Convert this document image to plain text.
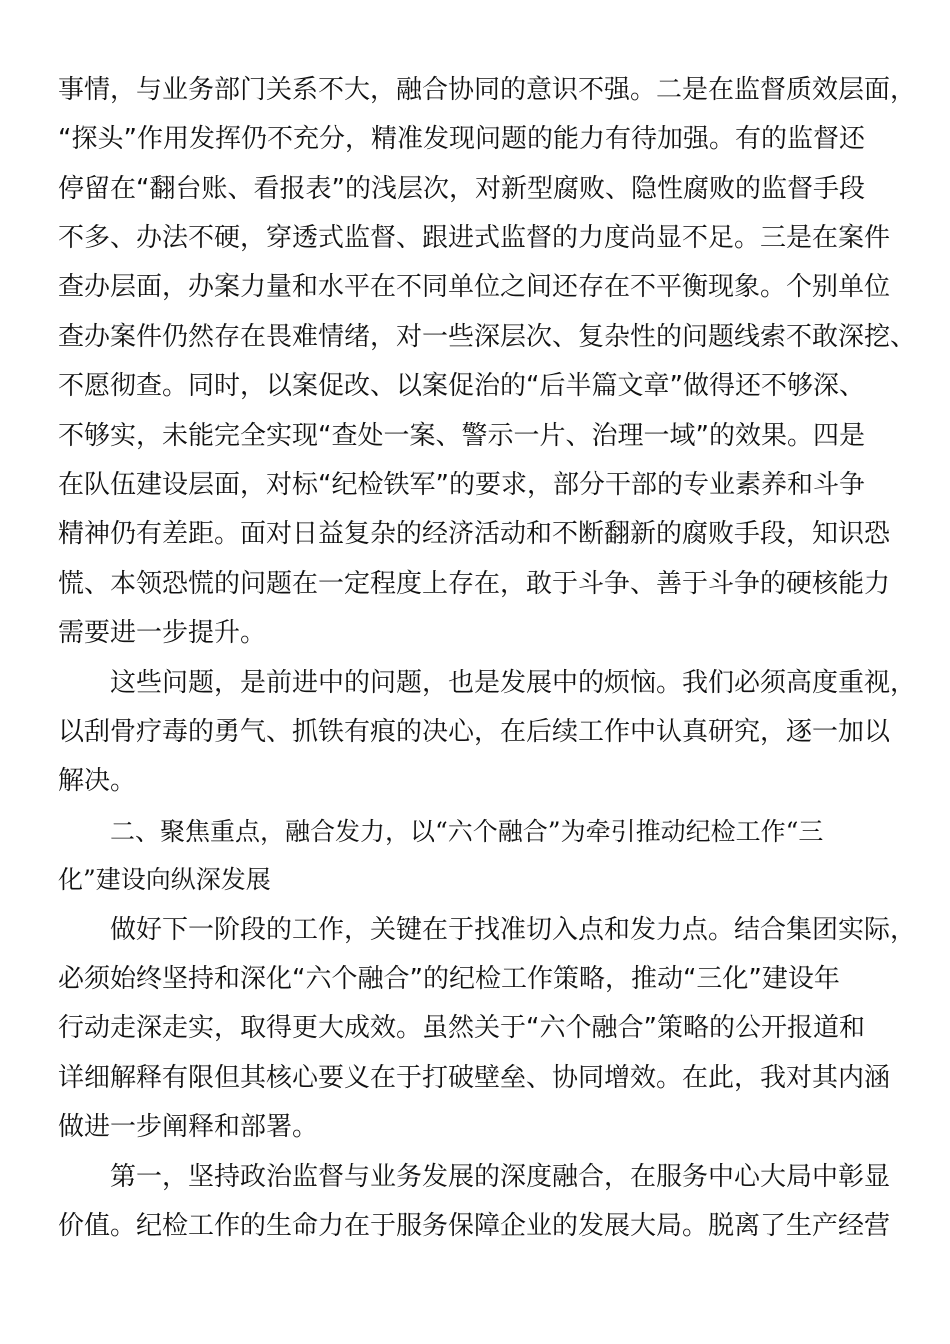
事情，与业务部门关系不大，融合协同的意识不强。二是在监督质效层面，
“探头”作用发挥仍不充分，精准发现问题的能力有待加强。有的监督还
停留在“翻台账、看报表”的浅层次，对新型腐败、隐性腐败的监督手段
不多、办法不硬，穿透式监督、跟进式监督的力度尚显不足。三是在案件
查办层面，办案力量和水平在不同单位之间还存在不平衡现象。个别单位
查办案件仍然存在畏难情绪，对一些深层次、复杂性的问题线索不敢深挖、
不愿彻查。同时，以案促改、以案促治的“后半篇文章”做得还不够深、
不够实，未能完全实现“查处一案、警示一片、治理一域”的效果。四是
在队伍建设层面，对标“纪检铁军”的要求，部分干部的专业素养和斗争
精神仍有差距。面对日益复杂的经济活动和不断翻新的腐败手段，知识恐
慌、本领恐慌的问题在一定程度上存在，敢于斗争、善于斗争的硬核能力
需要进一步提升。
这些问题，是前进中的问题，也是发展中的烦恼。我们必须高度重视，
以刮骨疗毒的勇气、抓铁有痕的决心，在后续工作中认真研究，逐一加以
解决。
二、聚焦重点，融合发力，以“六个融合”为牵引推动纪检工作“三
化”建设向纵深发展
做好下一阶段的工作，关键在于找准切入点和发力点。结合集团实际，
必须始终坚持和深化“六个融合”的纪检工作策略，推动“三化”建设年
行动走深走实，取得更大成效。虽然关于“六个融合”策略的公开报道和
详细解释有限但其核心要义在于打破壁垒、协同增效。在此，我对其内涵
做进一步阐释和部署。
第一，坚持政治监督与业务发展的深度融合，在服务中心大局中彰显
价值。纪检工作的生命力在于服务保障企业的发展大局。脱离了生产经营
